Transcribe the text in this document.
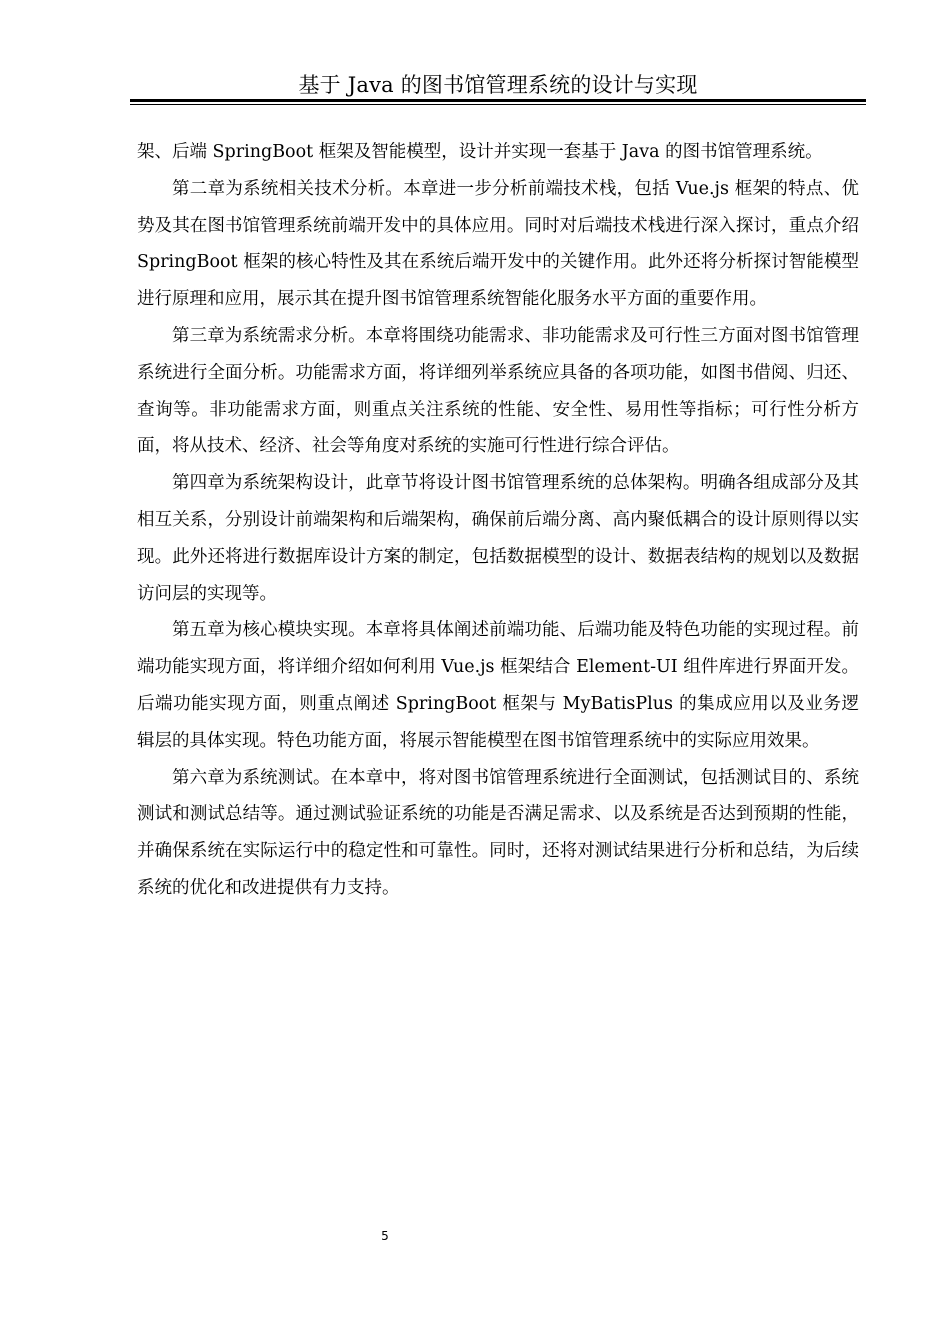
基于 Java 的图书馆管理系统的设计与实现

架、后端 SpringBoot 框架及智能模型，设计并实现一套基于 Java 的图书馆管理系统。

第二章为系统相关技术分析。本章进一步分析前端技术栈，包括 Vue.js 框架的特点、优势及其在图书馆管理系统前端开发中的具体应用。同时对后端技术栈进行深入探讨，重点介绍 SpringBoot 框架的核心特性及其在系统后端开发中的关键作用。此外还将分析探讨智能模型进行原理和应用，展示其在提升图书馆管理系统智能化服务水平方面的重要作用。

第三章为系统需求分析。本章将围绕功能需求、非功能需求及可行性三方面对图书馆管理系统进行全面分析。功能需求方面，将详细列举系统应具备的各项功能，如图书借阅、归还、查询等。非功能需求方面，则重点关注系统的性能、安全性、易用性等指标；可行性分析方面，将从技术、经济、社会等角度对系统的实施可行性进行综合评估。

第四章为系统架构设计，此章节将设计图书馆管理系统的总体架构。明确各组成部分及其相互关系，分别设计前端架构和后端架构，确保前后端分离、高内聚低耦合的设计原则得以实现。此外还将进行数据库设计方案的制定，包括数据模型的设计、数据表结构的规划以及数据访问层的实现等。

第五章为核心模块实现。本章将具体阐述前端功能、后端功能及特色功能的实现过程。前端功能实现方面，将详细介绍如何利用 Vue.js 框架结合 Element-UI 组件库进行界面开发。后端功能实现方面，则重点阐述 SpringBoot 框架与 MyBatisPlus 的集成应用以及业务逻辑层的具体实现。特色功能方面，将展示智能模型在图书馆管理系统中的实际应用效果。

第六章为系统测试。在本章中，将对图书馆管理系统进行全面测试，包括测试目的、系统测试和测试总结等。通过测试验证系统的功能是否满足需求、以及系统是否达到预期的性能，并确保系统在实际运行中的稳定性和可靠性。同时，还将对测试结果进行分析和总结，为后续系统的优化和改进提供有力支持。

5
